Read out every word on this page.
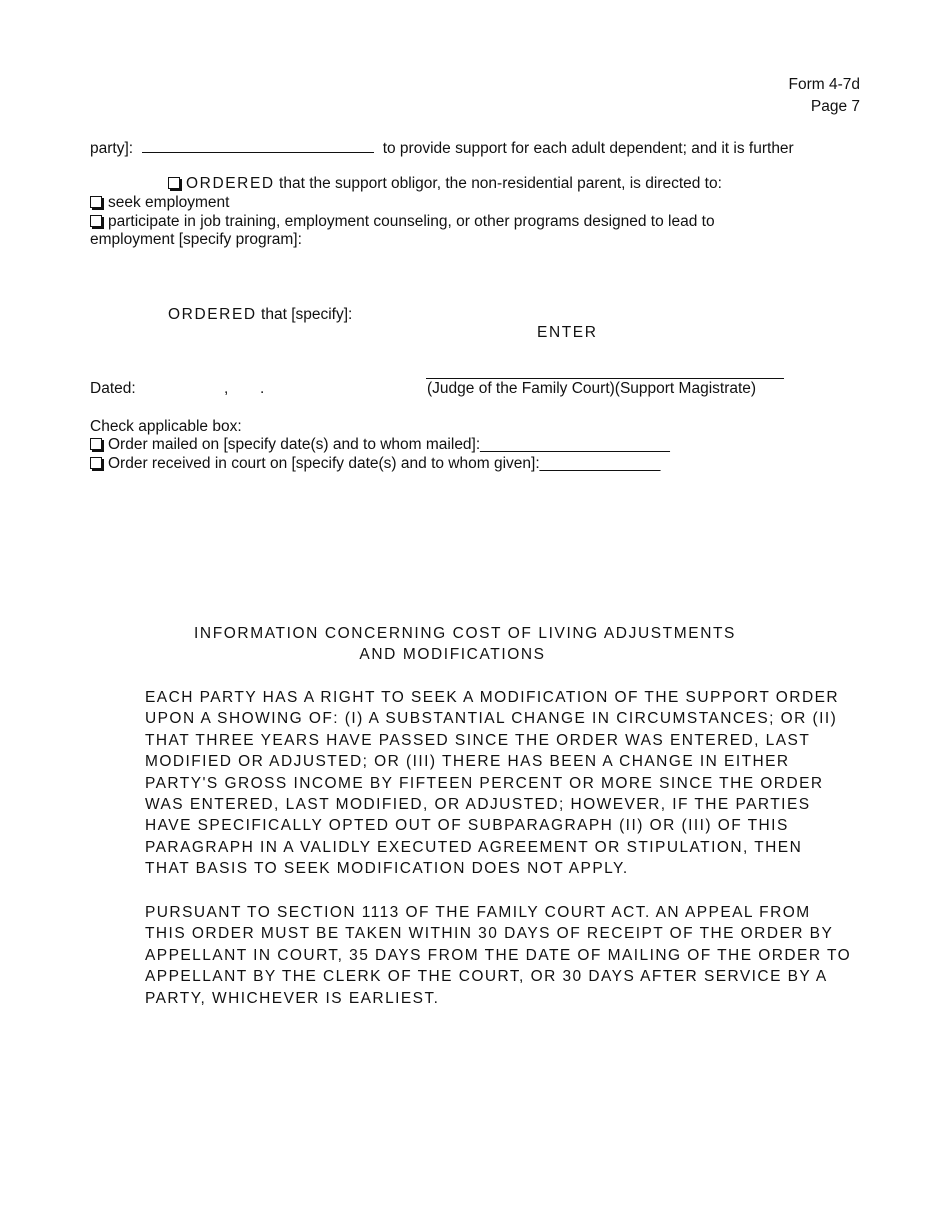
Form 4-7d
Page 7
party]:	to provide support for each adult dependent; and it is further
ORDERED that the support obligor, the non-residential parent, is directed to:
seek employment
participate in job training, employment counseling, or other programs designed to lead to
employment [specify program]:
ORDERED that [specify]:
ENTER
Dated:	, .	(Judge of the Family Court)(Support Magistrate)
Check applicable box:
Order mailed on [specify date(s) and to whom mailed]:______________________
Order received in court on [specify date(s) and to whom given]:______________
INFORMATION CONCERNING COST OF LIVING ADJUSTMENTS
AND MODIFICATIONS
EACH PARTY HAS A RIGHT TO SEEK A MODIFICATION OF THE SUPPORT ORDER
UPON A SHOWING OF: (I) A SUBSTANTIAL CHANGE IN CIRCUMSTANCES; OR (II)
THAT THREE YEARS HAVE PASSED SINCE THE ORDER WAS ENTERED, LAST
MODIFIED OR ADJUSTED; OR (III) THERE HAS BEEN A CHANGE IN EITHER
PARTY'S GROSS INCOME BY FIFTEEN PERCENT OR MORE SINCE THE ORDER
WAS ENTERED, LAST MODIFIED, OR ADJUSTED; HOWEVER, IF THE PARTIES
HAVE SPECIFICALLY OPTED OUT OF SUBPARAGRAPH (II) OR (III) OF THIS
PARAGRAPH IN A VALIDLY EXECUTED AGREEMENT OR STIPULATION, THEN
THAT BASIS TO SEEK MODIFICATION DOES NOT APPLY.
PURSUANT TO SECTION 1113 OF THE FAMILY COURT ACT. AN APPEAL FROM
THIS ORDER MUST BE TAKEN WITHIN 30 DAYS OF RECEIPT OF THE ORDER BY
APPELLANT IN COURT, 35 DAYS FROM THE DATE OF MAILING OF THE ORDER TO
APPELLANT BY THE CLERK OF THE COURT, OR 30 DAYS AFTER SERVICE BY A
PARTY, WHICHEVER IS EARLIEST.
